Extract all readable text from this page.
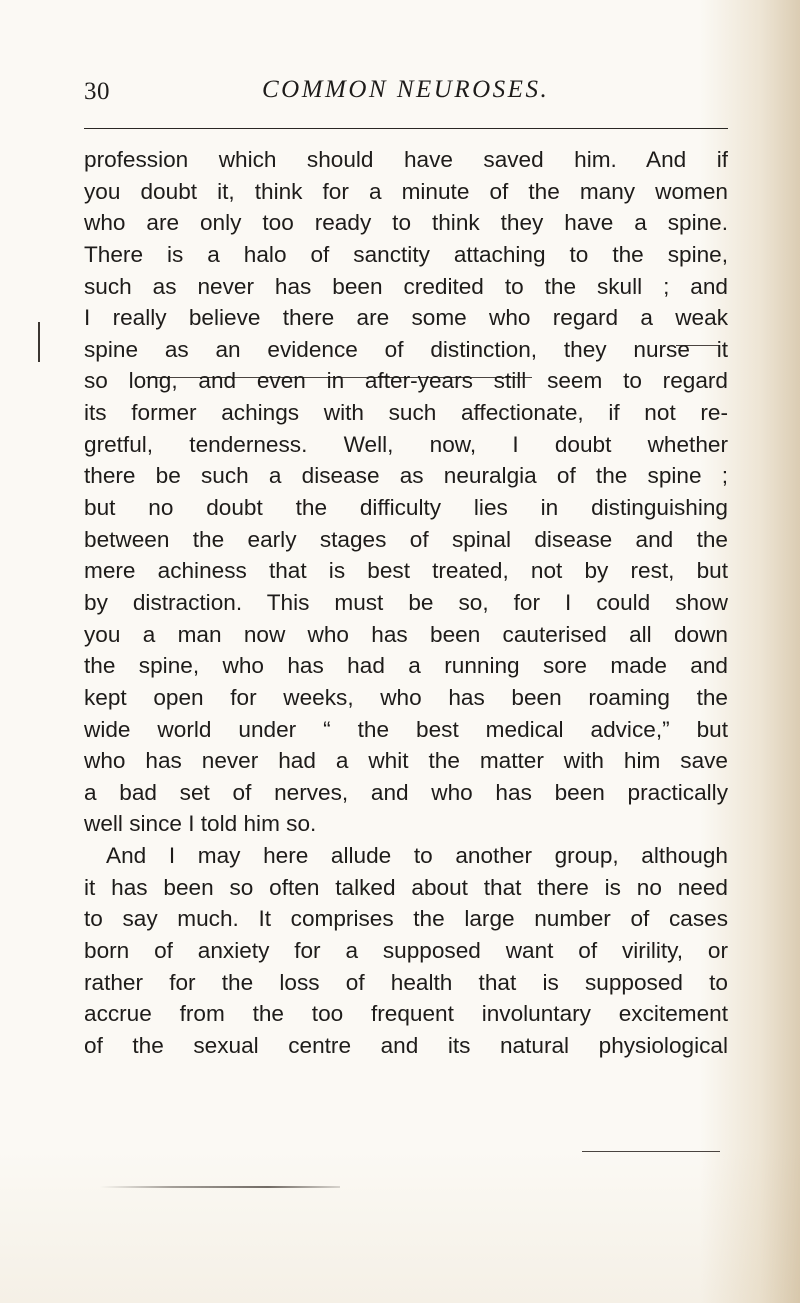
30	COMMON NEUROSES.
profession which should have saved him. And if
you doubt it, think for a minute of the many women
who are only too ready to think they have a spine.
There is a halo of sanctity attaching to the spine,
such as never has been credited to the skull ; and
I really believe there are some who regard a weak
spine as an evidence of distinction, they nurse it
so long, and even in after-years still seem to regard
its former achings with such affectionate, if not re-
gretful, tenderness. Well, now, I doubt whether
there be such a disease as neuralgia of the spine ;
but no doubt the difficulty lies in distinguishing
between the early stages of spinal disease and the
mere achiness that is best treated, not by rest, but
by distraction. This must be so, for I could show
you a man now who has been cauterised all down
the spine, who has had a running sore made and
kept open for weeks, who has been roaming the
wide world under “ the best medical advice,” but
who has never had a whit the matter with him save
a bad set of nerves, and who has been practically
well since I told him so.
And I may here allude to another group, although
it has been so often talked about that there is no need
to say much. It comprises the large number of cases
born of anxiety for a supposed want of virility, or
rather for the loss of health that is supposed to
accrue from the too frequent involuntary excitement
of the sexual centre and its natural physiological
